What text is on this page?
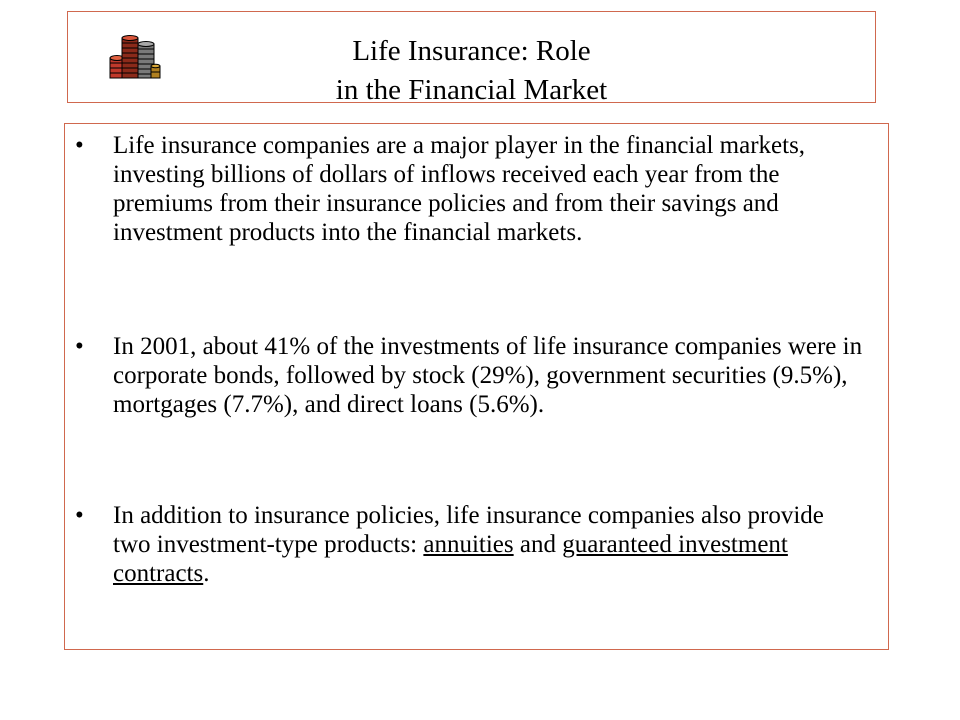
Life Insurance: Role
in the Financial Market
•	Life insurance companies are a major player in the financial markets, investing billions of dollars of inflows received each year from the premiums from their insurance policies and from their savings and investment products into the financial markets.
•	In 2001, about 41% of the investments of life insurance companies were in corporate bonds, followed by stock (29%), government securities (9.5%), mortgages (7.7%), and direct loans (5.6%).
•	In addition to insurance policies, life insurance companies also provide two investment-type products: annuities and guaranteed investment contracts.
